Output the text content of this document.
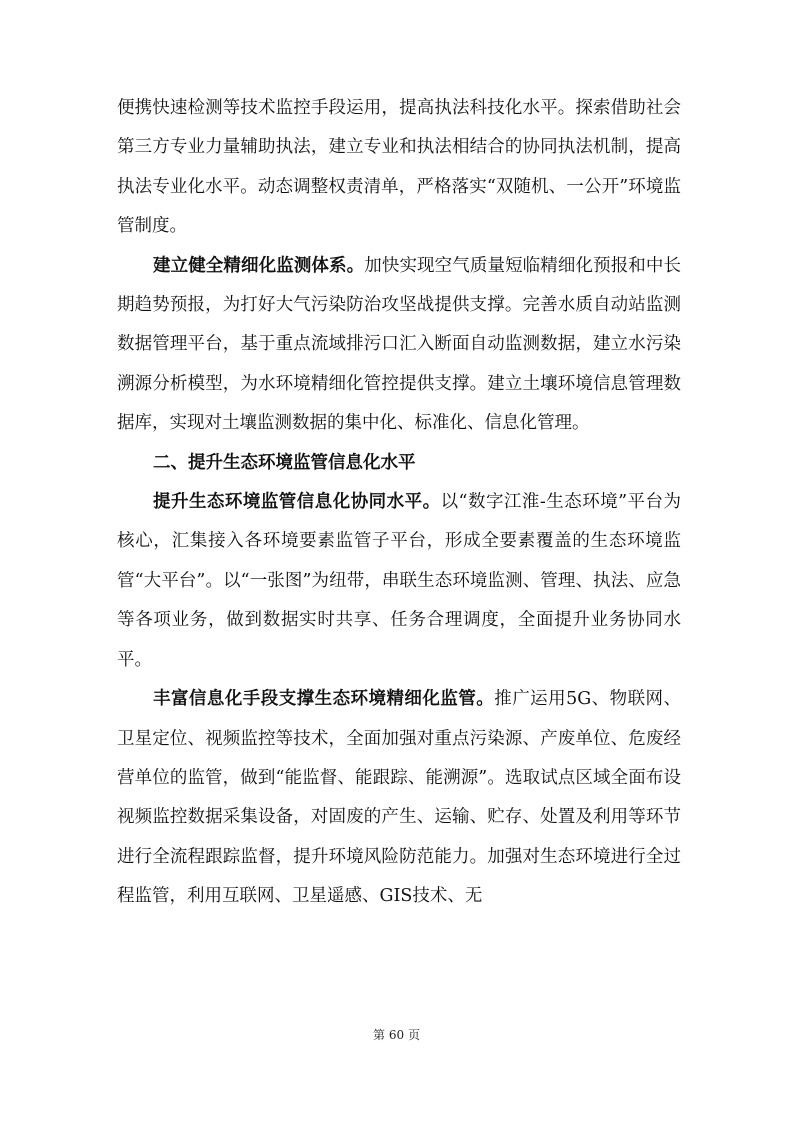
便携快速检测等技术监控手段运用，提高执法科技化水平。探索借助社会第三方专业力量辅助执法，建立专业和执法相结合的协同执法机制，提高执法专业化水平。动态调整权责清单，严格落实“双随机、一公开”环境监管制度。

建立健全精细化监测体系。加快实现空气质量短临精细化预报和中长期趋势预报，为打好大气污染防治攻坚战提供支撑。完善水质自动站监测数据管理平台，基于重点流域排污口汇入断面自动监测数据，建立水污染溯源分析模型，为水环境精细化管控提供支撑。建立土壤环境信息管理数据库，实现对土壤监测数据的集中化、标准化、信息化管理。

二、提升生态环境监管信息化水平

提升生态环境监管信息化协同水平。以“数字江淮-生态环境”平台为核心，汇集接入各环境要素监管子平台，形成全要素覆盖的生态环境监管“大平台”。以“一张图”为纽带，串联生态环境监测、管理、执法、应急等各项业务，做到数据实时共享、任务合理调度，全面提升业务协同水平。

丰富信息化手段支撑生态环境精细化监管。推广运用5G、物联网、卫星定位、视频监控等技术，全面加强对重点污染源、产废单位、危废经营单位的监管，做到“能监督、能跟踪、能溯源”。选取试点区域全面布设视频监控数据采集设备，对固废的产生、运输、贮存、处置及利用等环节进行全流程跟踪监督，提升环境风险防范能力。加强对生态环境进行全过程监管，利用互联网、卫星遥感、GIS技术、无

第 60 页
